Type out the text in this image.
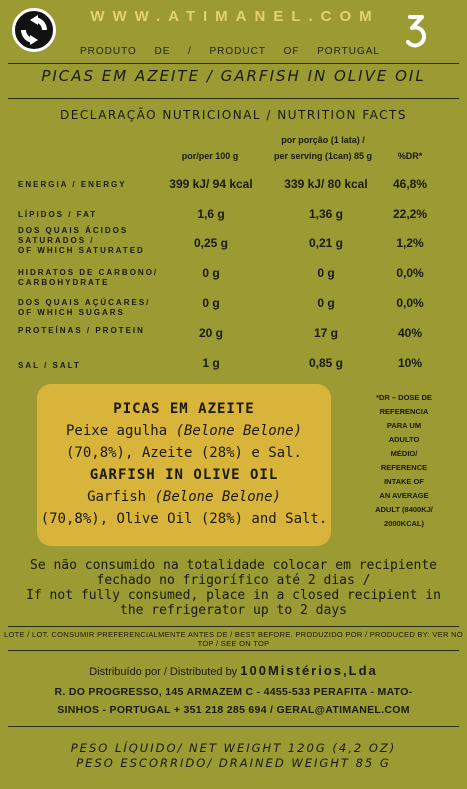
WWW.ATIMANEL.COM
PRODUTO DE / PRODUCT OF PORTUGAL
PICAS EM AZEITE / GARFISH IN OLIVE OIL
DECLARAÇÃO NUTRICIONAL / NUTRITION FACTS
por/per 100 g
por porção (1 lata) /
per serving (1can) 85 g	%DR*
ENERGIA / ENERGY	399 kJ/ 94 kcal	339 kJ/ 80 kcal	46,8%
LÍPIDOS / FAT	1,6 g	1,36 g	22,2%
DOS QUAIS ÁCIDOS
SATURADOS /
OF WHICH SATURATED
0,25 g	0,21 g	1,2%
HIDRATOS DE CARBONO/
CARBOHYDRATE
0 g	0 g	0,0%
DOS QUAIS AÇÚCARES/
OF WHICH SUGARS
0 g	0 g	0,0%
PROTEÍNAS / PROTEIN	20 g	17 g	40%
SAL / SALT	1 g	0,85 g	10%
PICAS EM AZEITE
Peixe agulha (Belone Belone)
(70,8%), Azeite (28%) e Sal.
GARFISH IN OLIVE OIL
Garfish (Belone Belone)
(70,8%), Olive Oil (28%) and Salt.
*DR – DOSE DE
REFERENCIA
PARA UM
ADULTO
MÉDIO/
REFERENCE
INTAKE OF
AN AVERAGE
ADULT (8400KJ/
2000KCAL)
Se não consumido na totalidade colocar em recipiente
fechado no frigorífico até 2 dias /
If not fully consumed, place in a closed recipient in
the refrigerator up to 2 days
LOTE / LOT. CONSUMIR PREFERENCIALMENTE ANTES DE / BEST BEFORE. PRODUZIDO POR / PRODUCED BY: VER NO TOP / SEE ON TOP
Distribuído por / Distributed by 100Mistérios,Lda
R. DO PROGRESSO, 145 ARMAZEM C - 4455-533 PERAFITA - MATO-
SINHOS - PORTUGAL + 351 218 285 694 / GERAL@ATIMANEL.COM
PESO LÍQUIDO/ NET WEIGHT 120G (4,2 OZ)
PESO ESCORRIDO/ DRAINED WEIGHT 85 G
